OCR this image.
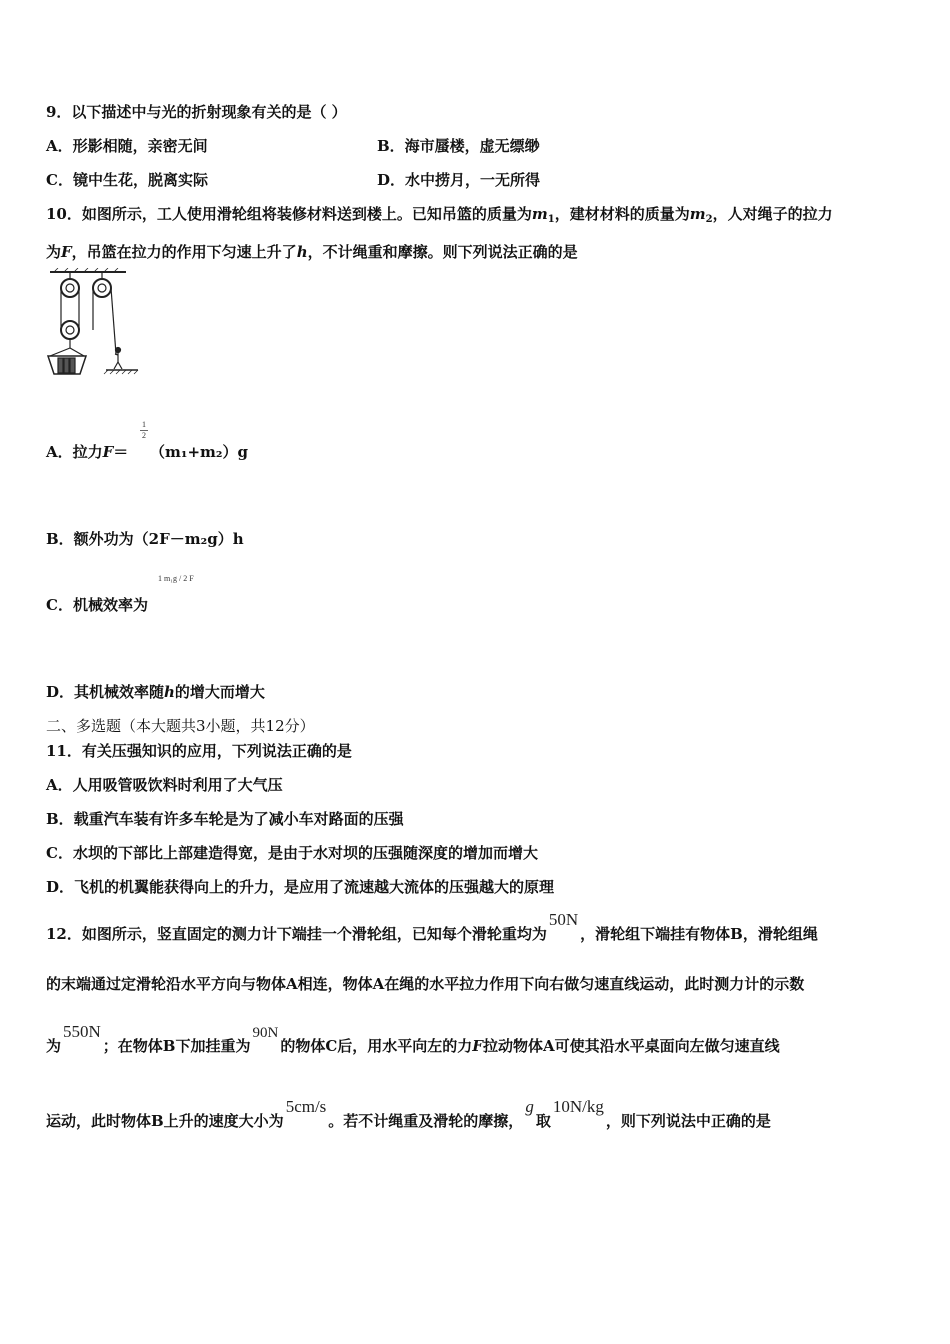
9．以下描述中与光的折射现象有关的是（ ）
A．形影相随，亲密无间	B．海市蜃楼，虚无缥缈
C．镜中生花，脱离实际	D．水中捞月，一无所得
10．如图所示，工人使用滑轮组将装修材料送到楼上。已知吊篮的质量为$m_1$，建材材料的质量为$m_2$，人对绳子的拉力
为F，吊篮在拉力的作用下匀速上升了h，不计绳重和摩擦。则下列说法正确的是
A．拉力F＝
1
2
（m₁+m₂）g
B．额外功为（2F－m₂g）h
C．机械效率为
1 m₁g / 2 F
D．其机械效率随h的增大而增大
二、多选题（本大题共3小题，共12分）
11．有关压强知识的应用，下列说法正确的是
A．人用吸管吸饮料时利用了大气压
B．载重汽车装有许多车轮是为了减小车对路面的压强
C．水坝的下部比上部建造得宽，是由于水对坝的压强随深度的增加而增大
D．飞机的机翼能获得向上的升力，是应用了流速越大流体的压强越大的原理
12．如图所示，竖直固定的测力计下端挂一个滑轮组，已知每个滑轮重均为50N，滑轮组下端挂有物体B，滑轮组绳
的末端通过定滑轮沿水平方向与物体A相连，物体A在绳的水平拉力作用下向右做匀速直线运动，此时测力计的示数
为550N；在物体B下加挂重为90N的物体C后，用水平向左的力F拉动物体A可使其沿水平桌面向左做匀速直线
运动，此时物体B上升的速度大小为5cm/s。若不计绳重及滑轮的摩擦，g取10N/kg，则下列说法中正确的是
